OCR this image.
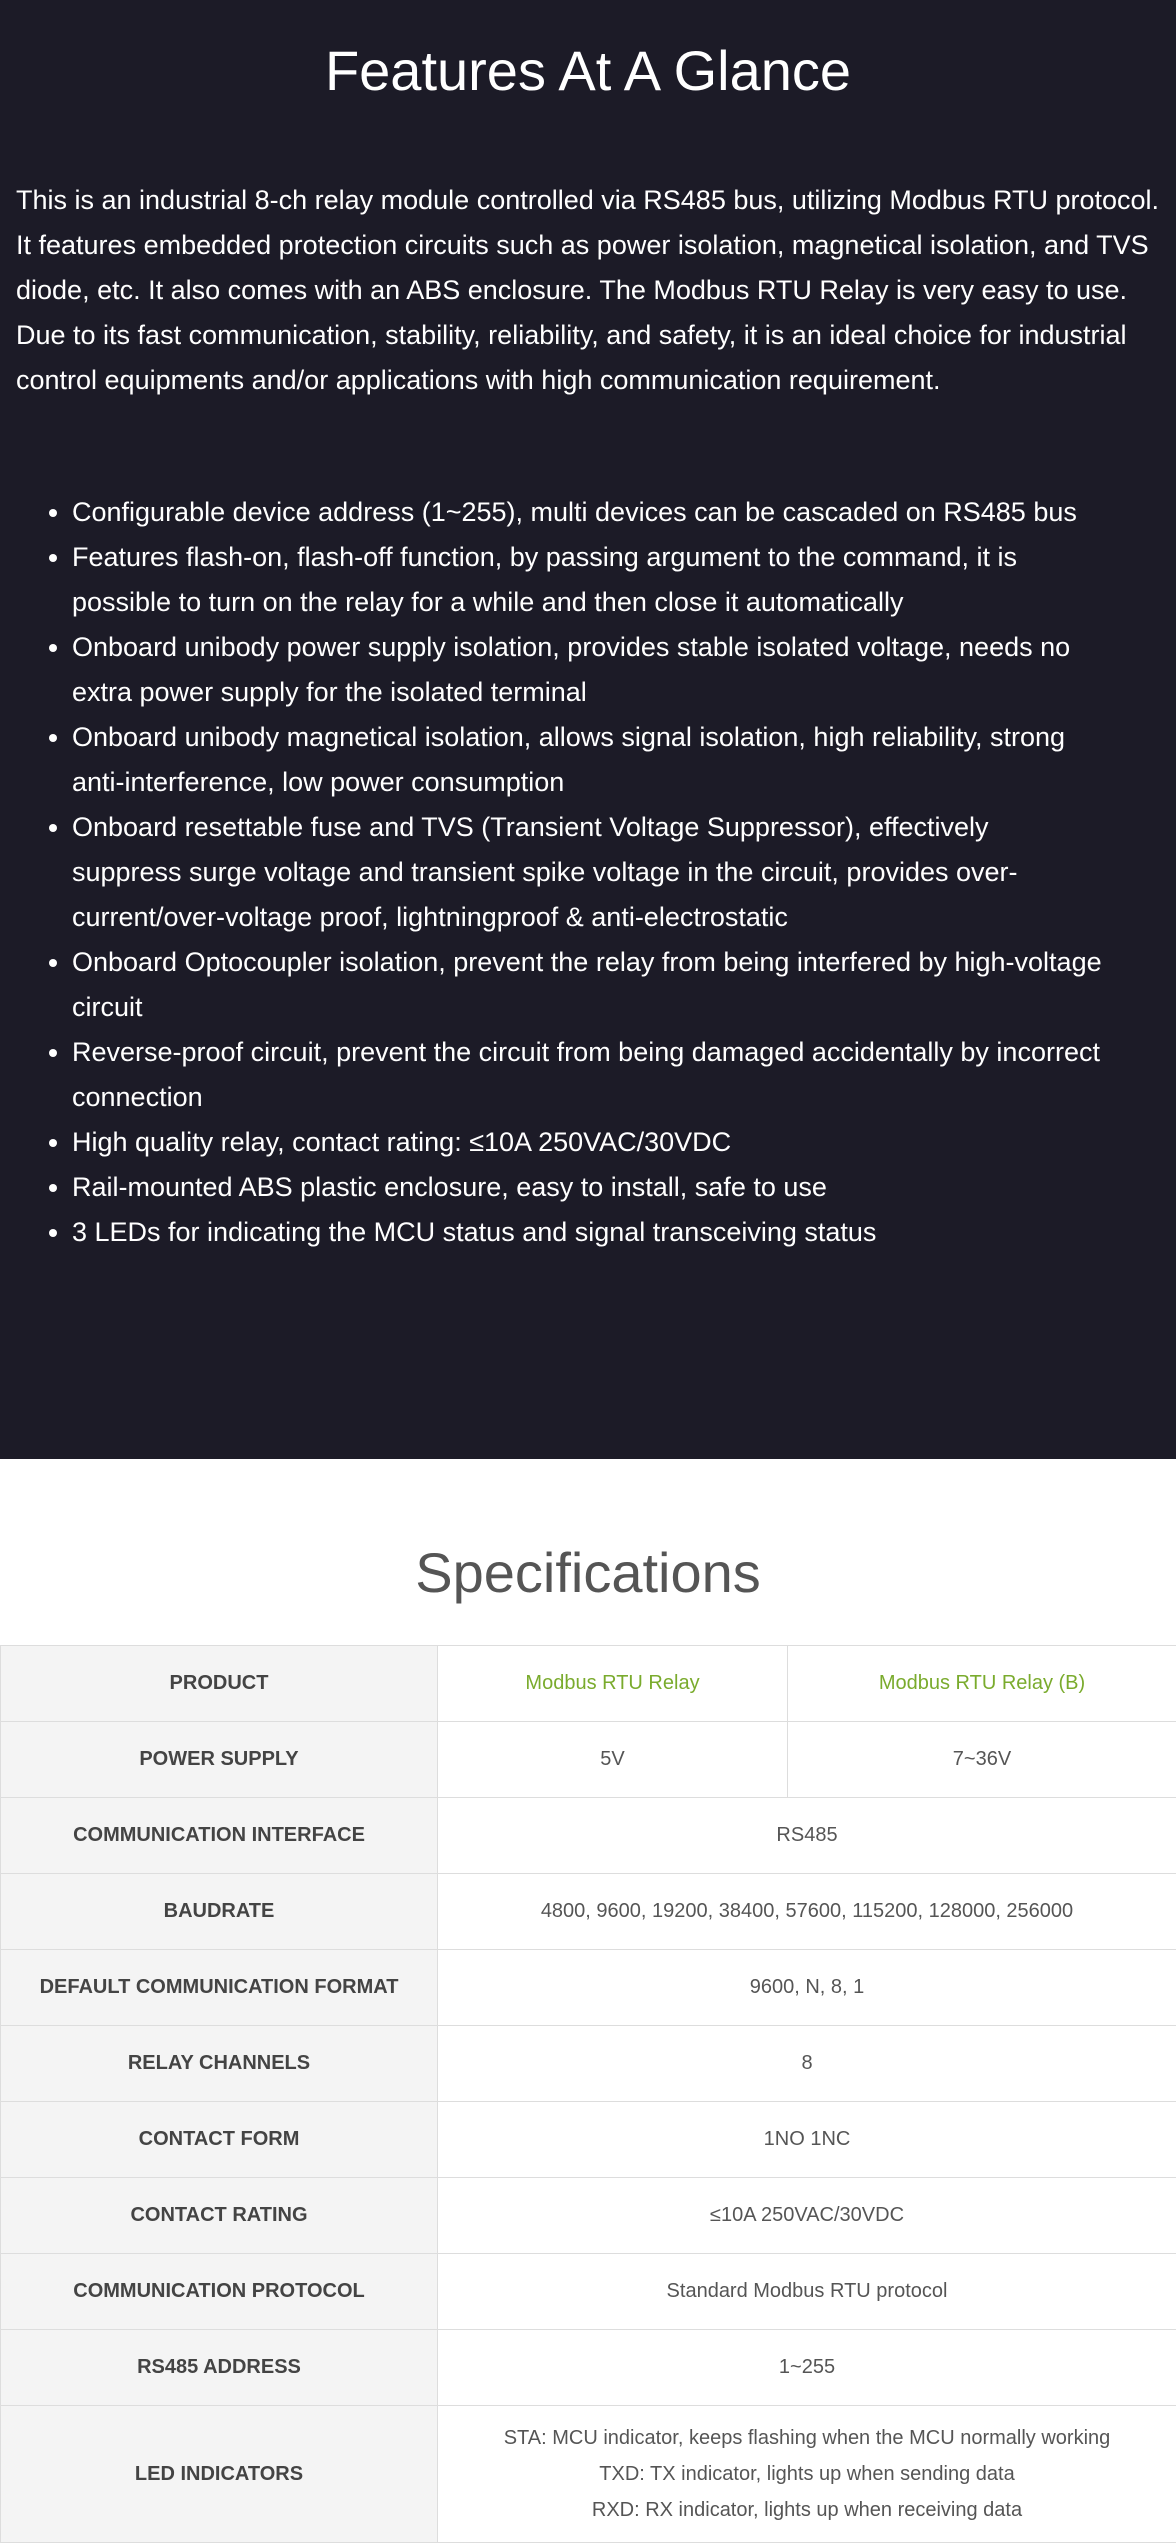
Features At A Glance

This is an industrial 8-ch relay module controlled via RS485 bus, utilizing Modbus RTU protocol. It features embedded protection circuits such as power isolation, magnetical isolation, and TVS diode, etc. It also comes with an ABS enclosure. The Modbus RTU Relay is very easy to use. Due to its fast communication, stability, reliability, and safety, it is an ideal choice for industrial control equipments and/or applications with high communication requirement.

• Configurable device address (1~255), multi devices can be cascaded on RS485 bus
• Features flash-on, flash-off function, by passing argument to the command, it is possible to turn on the relay for a while and then close it automatically
• Onboard unibody power supply isolation, provides stable isolated voltage, needs no extra power supply for the isolated terminal
• Onboard unibody magnetical isolation, allows signal isolation, high reliability, strong anti-interference, low power consumption
• Onboard resettable fuse and TVS (Transient Voltage Suppressor), effectively suppress surge voltage and transient spike voltage in the circuit, provides over-current/over-voltage proof, lightningproof & anti-electrostatic
• Onboard Optocoupler isolation, prevent the relay from being interfered by high-voltage circuit
• Reverse-proof circuit, prevent the circuit from being damaged accidentally by incorrect connection
• High quality relay, contact rating: ≤10A 250VAC/30VDC
• Rail-mounted ABS plastic enclosure, easy to install, safe to use
• 3 LEDs for indicating the MCU status and signal transceiving status
Specifications
PRODUCT	Modbus RTU Relay	Modbus RTU Relay (B)
POWER SUPPLY	5V	7~36V
COMMUNICATION INTERFACE	RS485	
BAUDRATE	4800, 9600, 19200, 38400, 57600, 115200, 128000, 256000	
DEFAULT COMMUNICATION FORMAT	9600, N, 8, 1	
RELAY CHANNELS	8	
CONTACT FORM	1NO 1NC	
CONTACT RATING	≤10A 250VAC/30VDC	
COMMUNICATION PROTOCOL	Standard Modbus RTU protocol	
RS485 ADDRESS	1~255	
LED INDICATORS	STA: MCU indicator, keeps flashing when the MCU normally working
TXD: TX indicator, lights up when sending data
RXD: RX indicator, lights up when receiving data	
